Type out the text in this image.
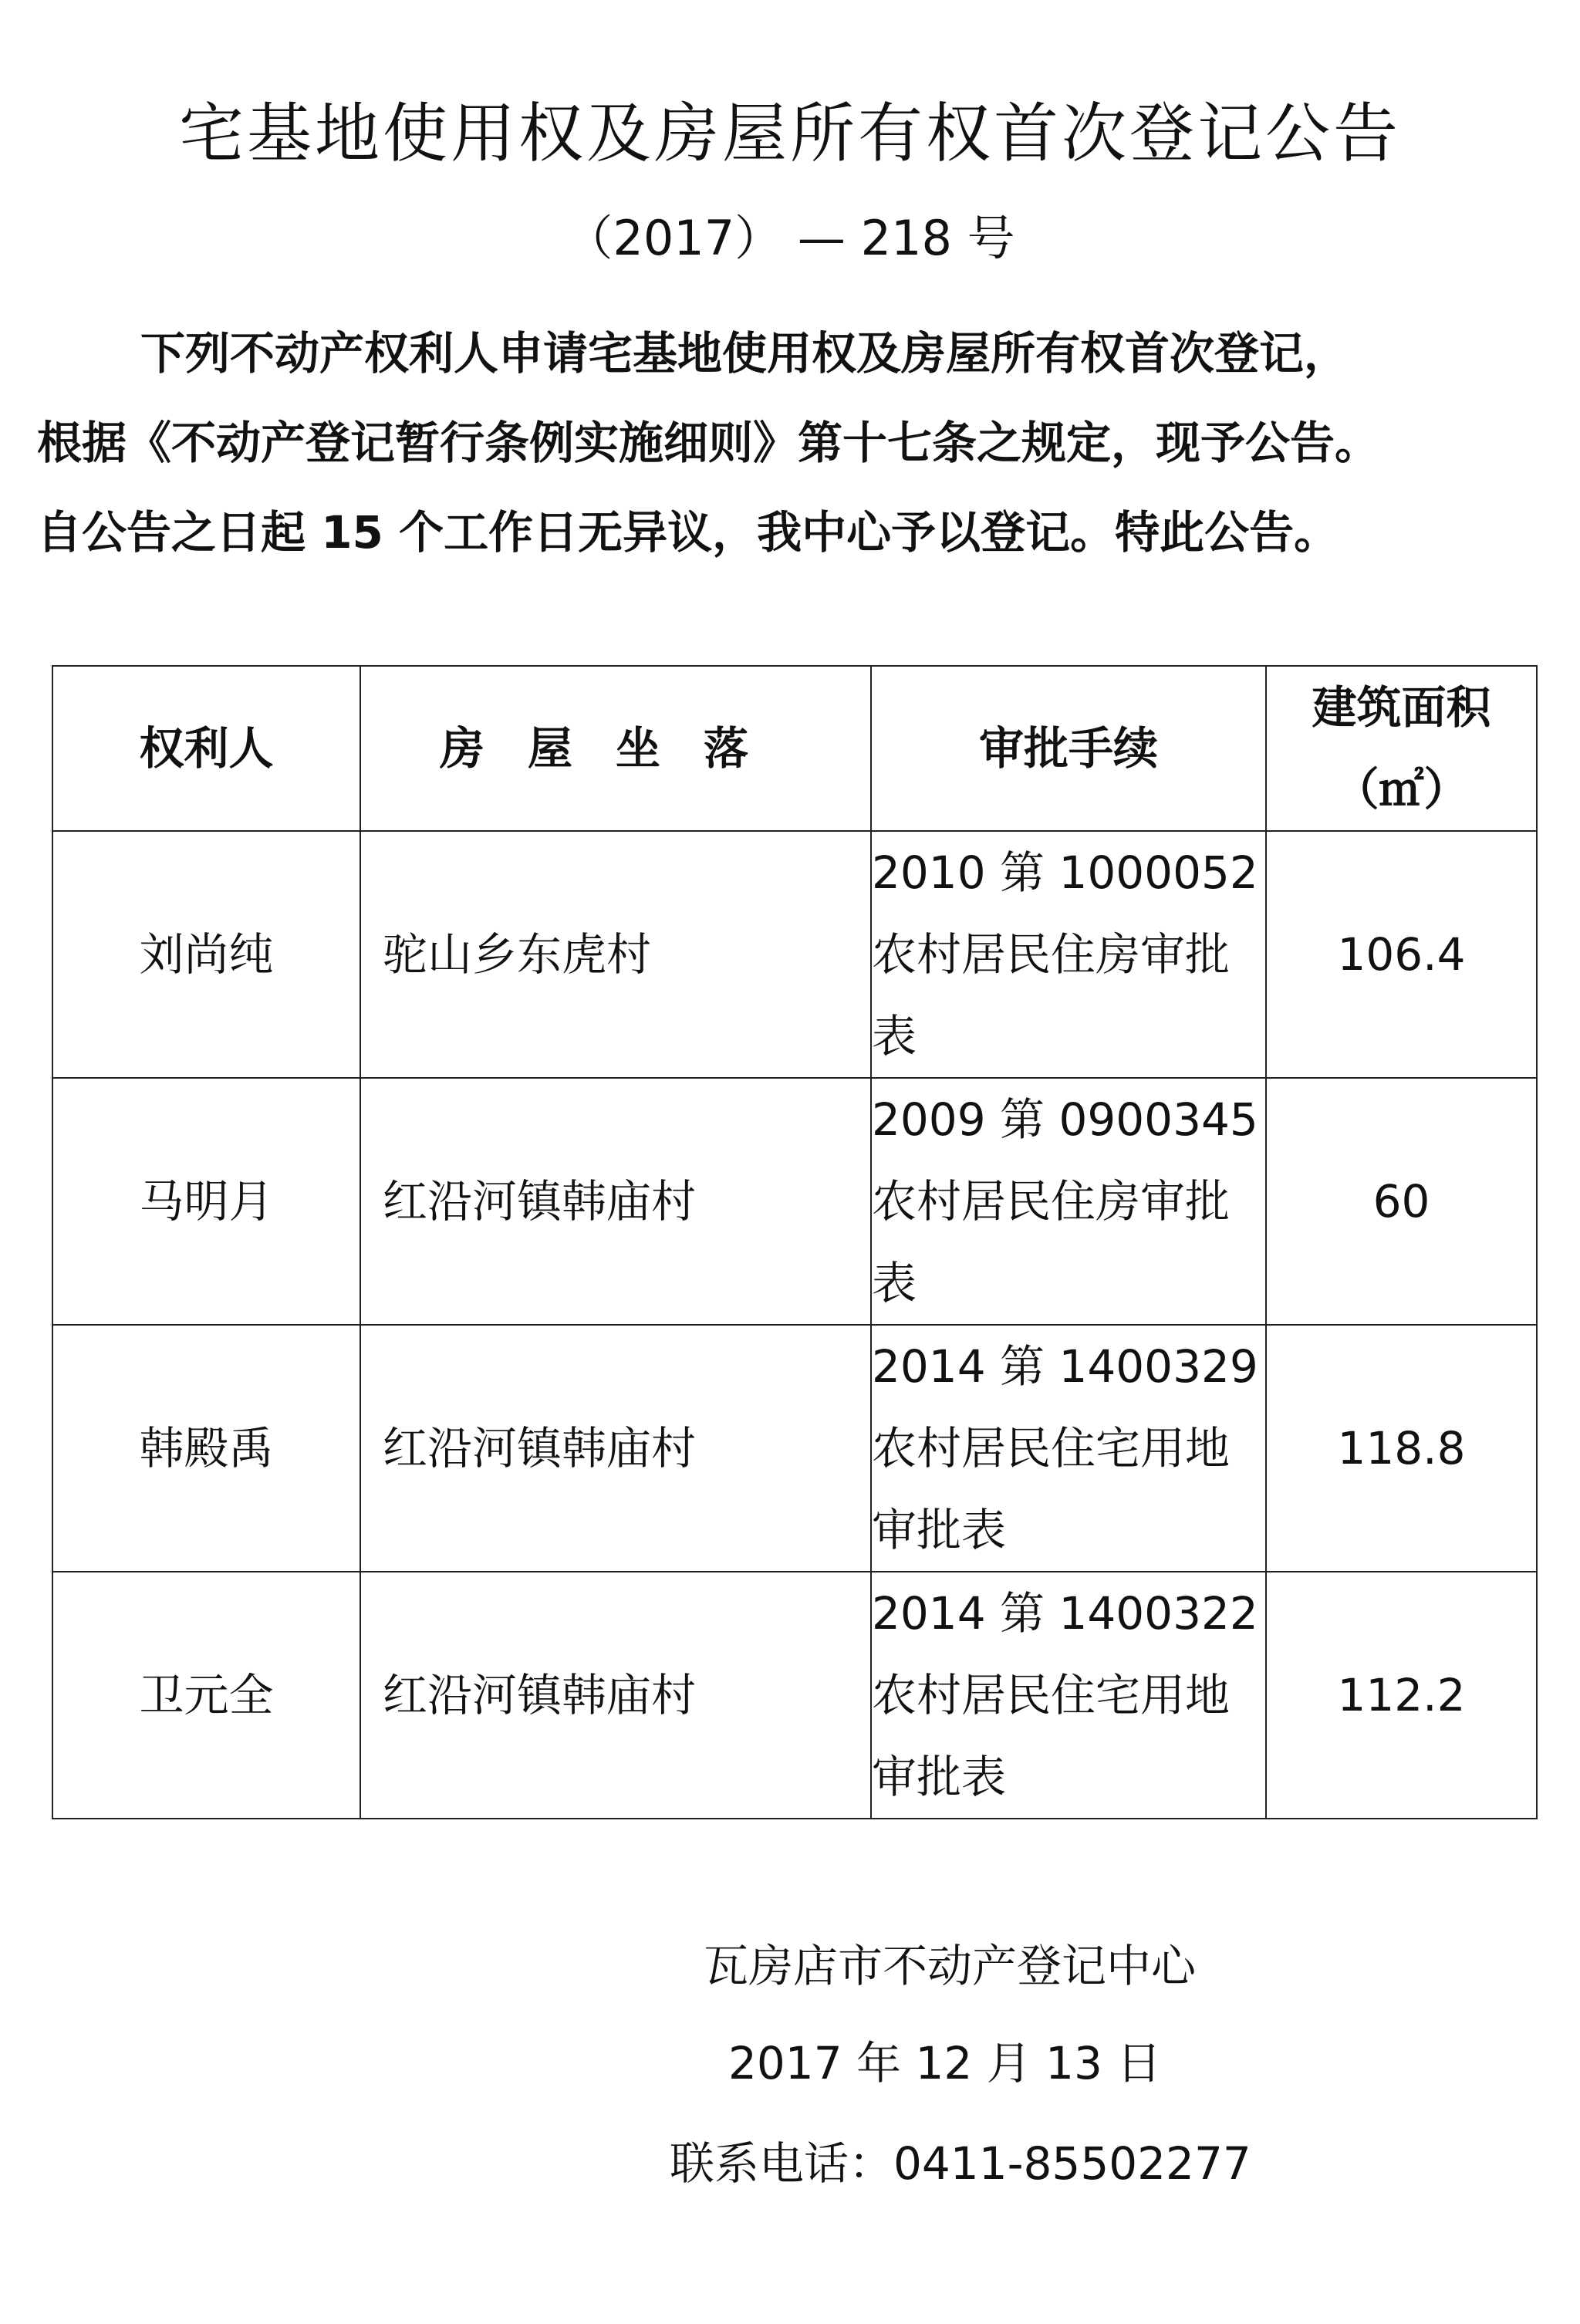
宅基地使用权及房屋所有权首次登记公告
（2017） — 218 号
下列不动产权利人申请宅基地使用权及房屋所有权首次登记，
根据《不动产登记暂行条例实施细则》第十七条之规定，现予公告。
自公告之日起 15 个工作日无异议，我中心予以登记。特此公告。
权利人	房屋坐落	审批手续	建筑面积
（㎡）

刘尚纯	驼山乡东虎村	2010 第 1000052 农村居民住房审批表	106.4
马明月	红沿河镇韩庙村	2009 第 0900345 农村居民住房审批表	60
韩殿禹	红沿河镇韩庙村	2014 第 1400329 农村居民住宅用地审批表	118.8
卫元全	红沿河镇韩庙村	2014 第 1400322 农村居民住宅用地审批表	112.2
瓦房店市不动产登记中心
2017 年 12 月 13 日
联系电话：0411-85502277
